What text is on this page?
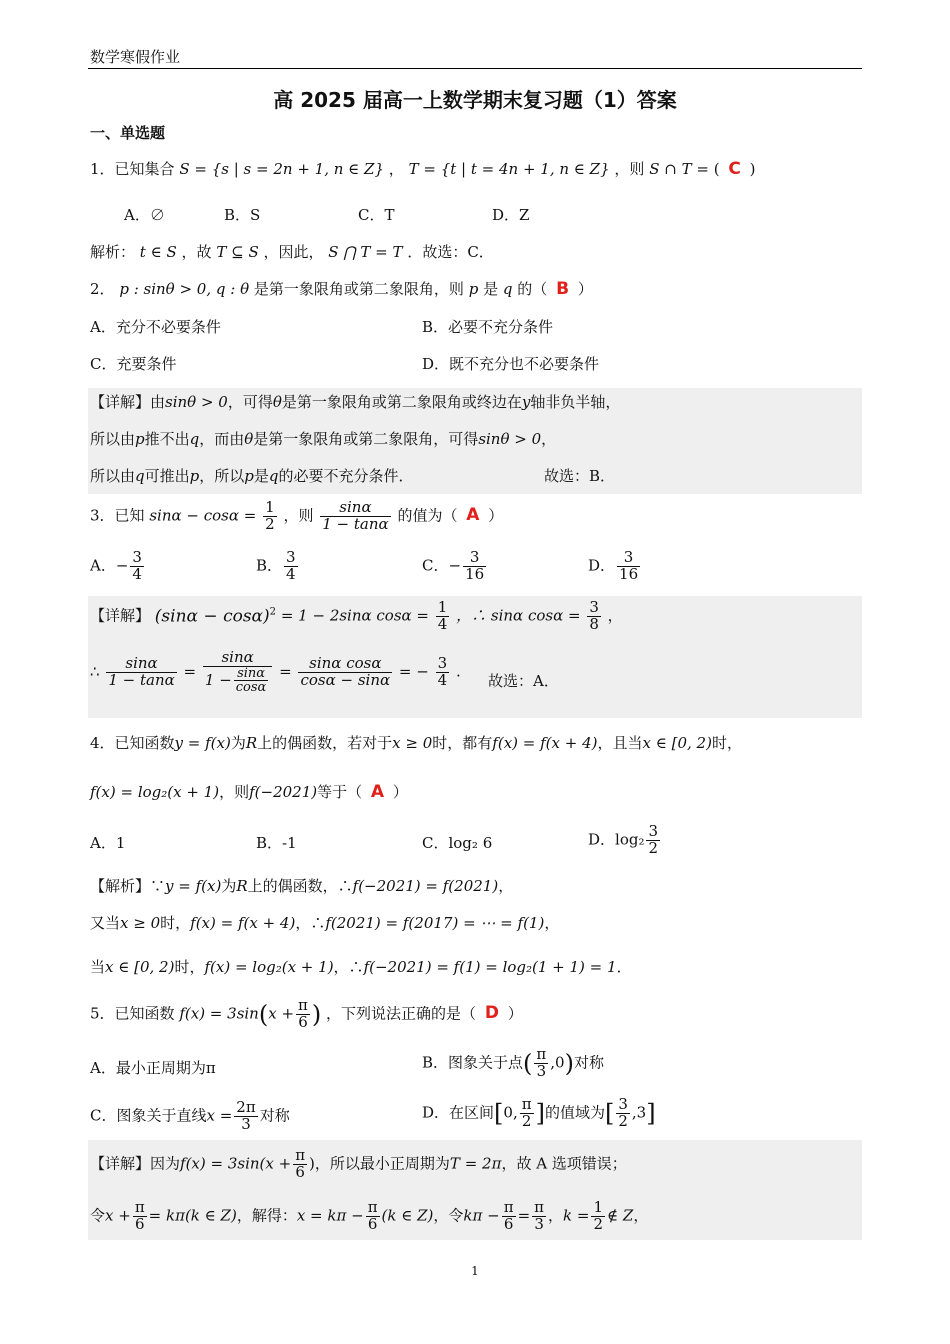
数学寒假作业
高 2025 届高一上数学期末复习题（1）答案
一、单选题
1．已知集合 S = {s | s = 2n + 1, n ∈ Z} ， T = {t | t = 4n + 1, n ∈ Z} ，则 S ∩ T = ( C )
A．∅	B．S	C．T	D．Z
解析： t ∈ S ，故 T ⊆ S ，因此， S ⋂ T = T ．故选：C．
2． p : sinθ > 0, q : θ 是第一象限角或第二象限角，则 p 是 q 的（ B ）
A．充分不必要条件	B．必要不充分条件
C．充要条件	D．既不充分也不必要条件
【详解】由sinθ > 0，可得θ是第一象限角或第二象限角或终边在y轴非负半轴，
所以由p推不出q，而由θ是第一象限角或第二象限角，可得sinθ > 0，
所以由q可推出p，所以p是q的必要不充分条件．	故选：B．
3．已知 $\sin\alpha - \cos\alpha = \frac{1}{2}$ ，则 $\frac{\sin\alpha}{1 - \tan\alpha}$ 的值为（ A ）
A．− $\frac{3}{4}$	B． $\frac{3}{4}$	C．− $\frac{3}{16}$	D． $\frac{3}{16}$
【详解】 $(\sin\alpha - \cos\alpha)^2 = 1 - 2\sin\alpha$ $\cos\alpha = \frac{1}{4}$ ，∴ sinα $\cos\alpha = \frac{3}{8}$ ，
∴ $\frac{\sin\alpha}{1 - \tan\alpha} = \frac{\sin\alpha}{1 - \frac{\sin\alpha}{\cos\alpha}} = \frac{\text{sinα cosα}}{\cos\alpha - \sin\alpha}$ = − $\frac{3}{4}$ .
故选：A．
4．已知函数y = f(x)为R上的偶函数，若对于x ≥ 0时，都有f(x) = f(x + 4)，且当x ∈ [0, 2)时，
f(x) = log₂(x + 1)，则f(−2021)等于（ A ）
A．1	B．-1	C．log₂ 6	D．$\log_2 \frac{3}{2}$
【解析】∵y = f(x)为R上的偶函数，∴f(−2021) = f(2021)，
又当x ≥ 0时，f(x) = f(x + 4)，∴f(2021) = f(2017) = ⋯ = f(1)，
当x ∈ [0, 2)时，f(x) = log₂(x + 1)，∴f(−2021) = f(1) = log₂(1 + 1) = 1．
5．已知函数 $f(x) = 3\sin(x + \frac{\pi}{6}$ ) ，下列说法正确的是（ D ）
A．最小正周期为π	B．图象关于点( $\frac{\pi}{3} ,0$)对称
C．图象关于直线$x = \frac{2\pi}{3}$ 对称	D．在区间[0, $\frac{\pi}{2}$ ]的值域为[ $\frac{3}{2} ,3$]
【详解】因为$f(x) = 3\sin(x + \frac{\pi}{6}$ )，所以最小正周期为T = 2π，故 A 选项错误；
令$x + \frac{\pi}{6} = k\pi(k$ ∈ Z)，解得：$x = k\pi - \frac{\pi}{6} (k$ ∈ Z)，令$k\pi - \frac{\pi}{6} = \frac{\pi}{3}$ ，$k = \frac{1}{2}$ ∉ Z，
1
